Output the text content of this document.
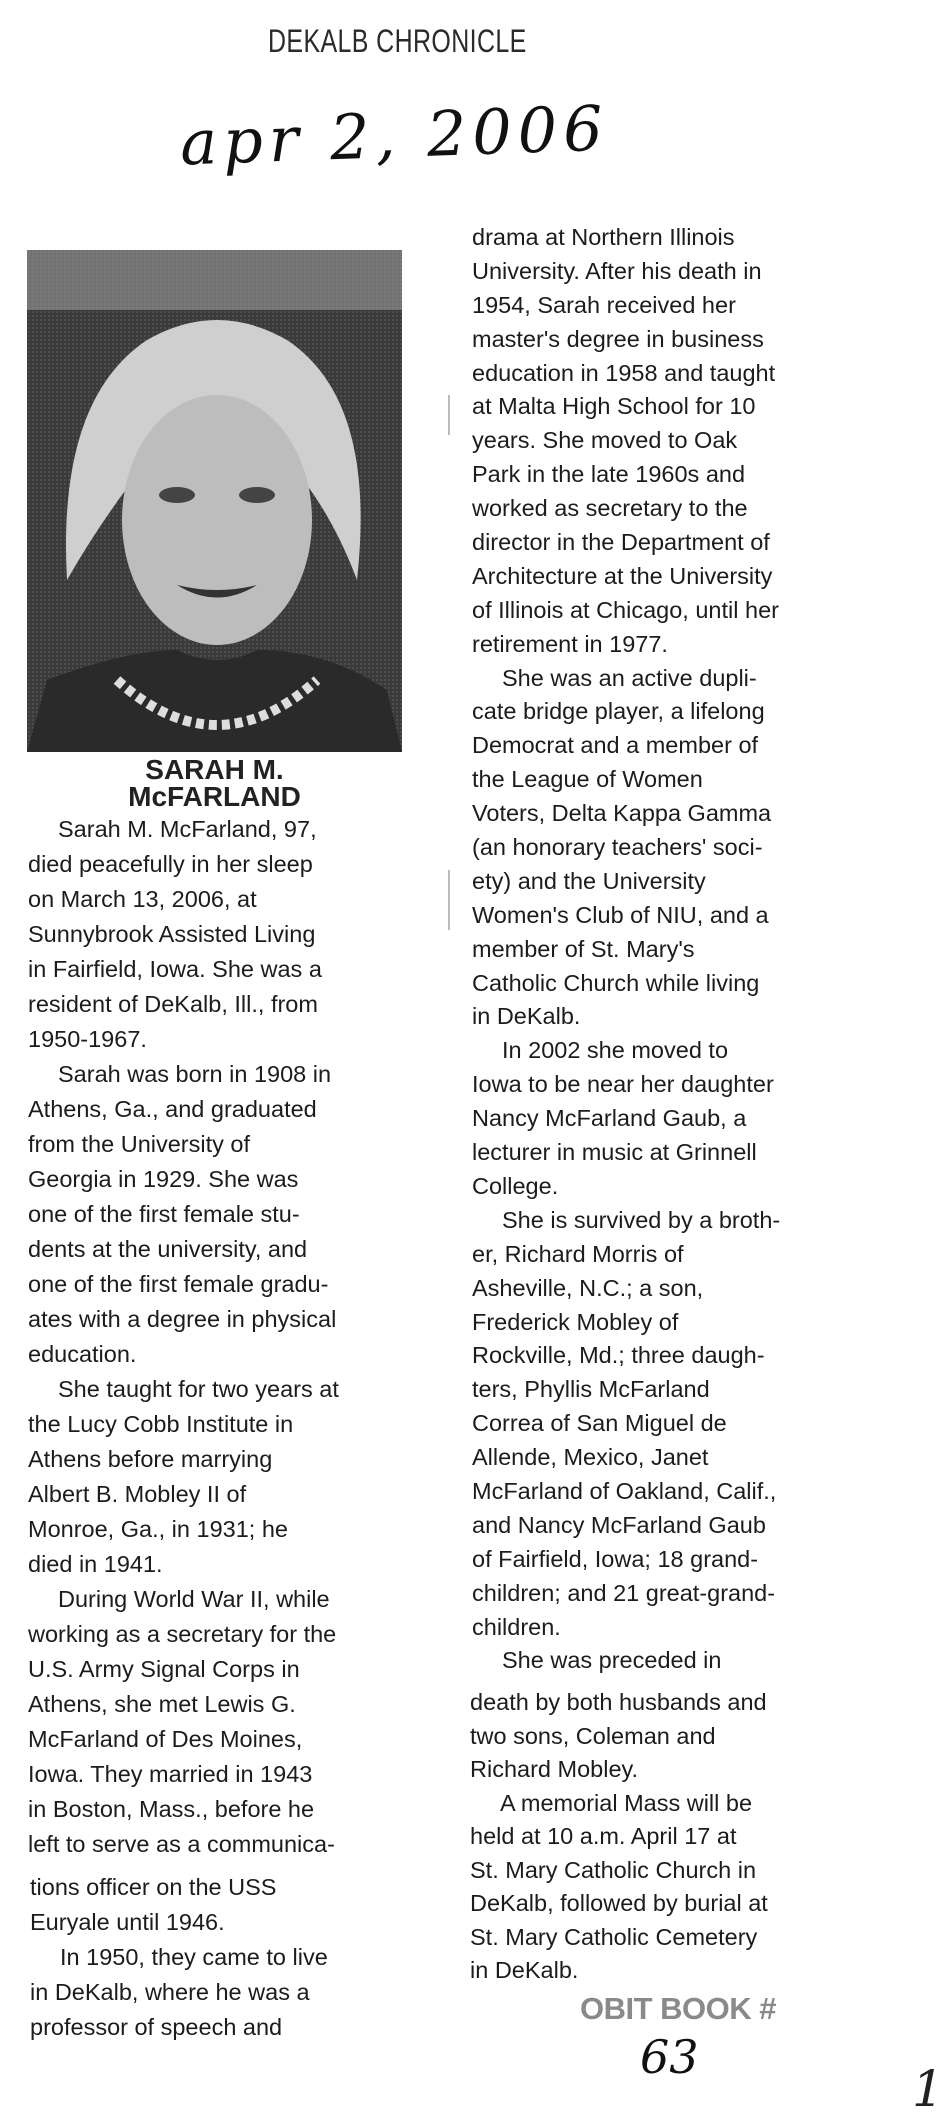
DEKALB CHRONICLE
apr 2, 2006
SARAH M.
McFARLAND
Sarah M. McFarland, 97,
died peacefully in her sleep
on March 13, 2006, at
Sunnybrook Assisted Living
in Fairfield, Iowa. She was a
resident of DeKalb, Ill., from
1950-1967.
Sarah was born in 1908 in
Athens, Ga., and graduated
from the University of
Georgia in 1929. She was
one of the first female stu-
dents at the university, and
one of the first female gradu-
ates with a degree in physical
education.
She taught for two years at
the Lucy Cobb Institute in
Athens before marrying
Albert B. Mobley II of
Monroe, Ga., in 1931; he
died in 1941.
During World War II, while
working as a secretary for the
U.S. Army Signal Corps in
Athens, she met Lewis G.
McFarland of Des Moines,
Iowa. They married in 1943
in Boston, Mass., before he
left to serve as a communica-
tions officer on the USS
Euryale until 1946.
In 1950, they came to live
in DeKalb, where he was a
professor of speech and
drama at Northern Illinois
University. After his death in
1954, Sarah received her
master's degree in business
education in 1958 and taught
at Malta High School for 10
years. She moved to Oak
Park in the late 1960s and
worked as secretary to the
director in the Department of
Architecture at the University
of Illinois at Chicago, until her
retirement in 1977.
She was an active dupli-
cate bridge player, a lifelong
Democrat and a member of
the League of Women
Voters, Delta Kappa Gamma
(an honorary teachers' soci-
ety) and the University
Women's Club of NIU, and a
member of St. Mary's
Catholic Church while living
in DeKalb.
In 2002 she moved to
Iowa to be near her daughter
Nancy McFarland Gaub, a
lecturer in music at Grinnell
College.
She is survived by a broth-
er, Richard Morris of
Asheville, N.C.; a son,
Frederick Mobley of
Rockville, Md.; three daugh-
ters, Phyllis McFarland
Correa of San Miguel de
Allende, Mexico, Janet
McFarland of Oakland, Calif.,
and Nancy McFarland Gaub
of Fairfield, Iowa; 18 grand-
children; and 21 great-grand-
children.
She was preceded in
death by both husbands and
two sons, Coleman and
Richard Mobley.
A memorial Mass will be
held at 10 a.m. April 17 at
St. Mary Catholic Church in
DeKalb, followed by burial at
St. Mary Catholic Cemetery
in DeKalb.
OBIT BOOK #
63
1
